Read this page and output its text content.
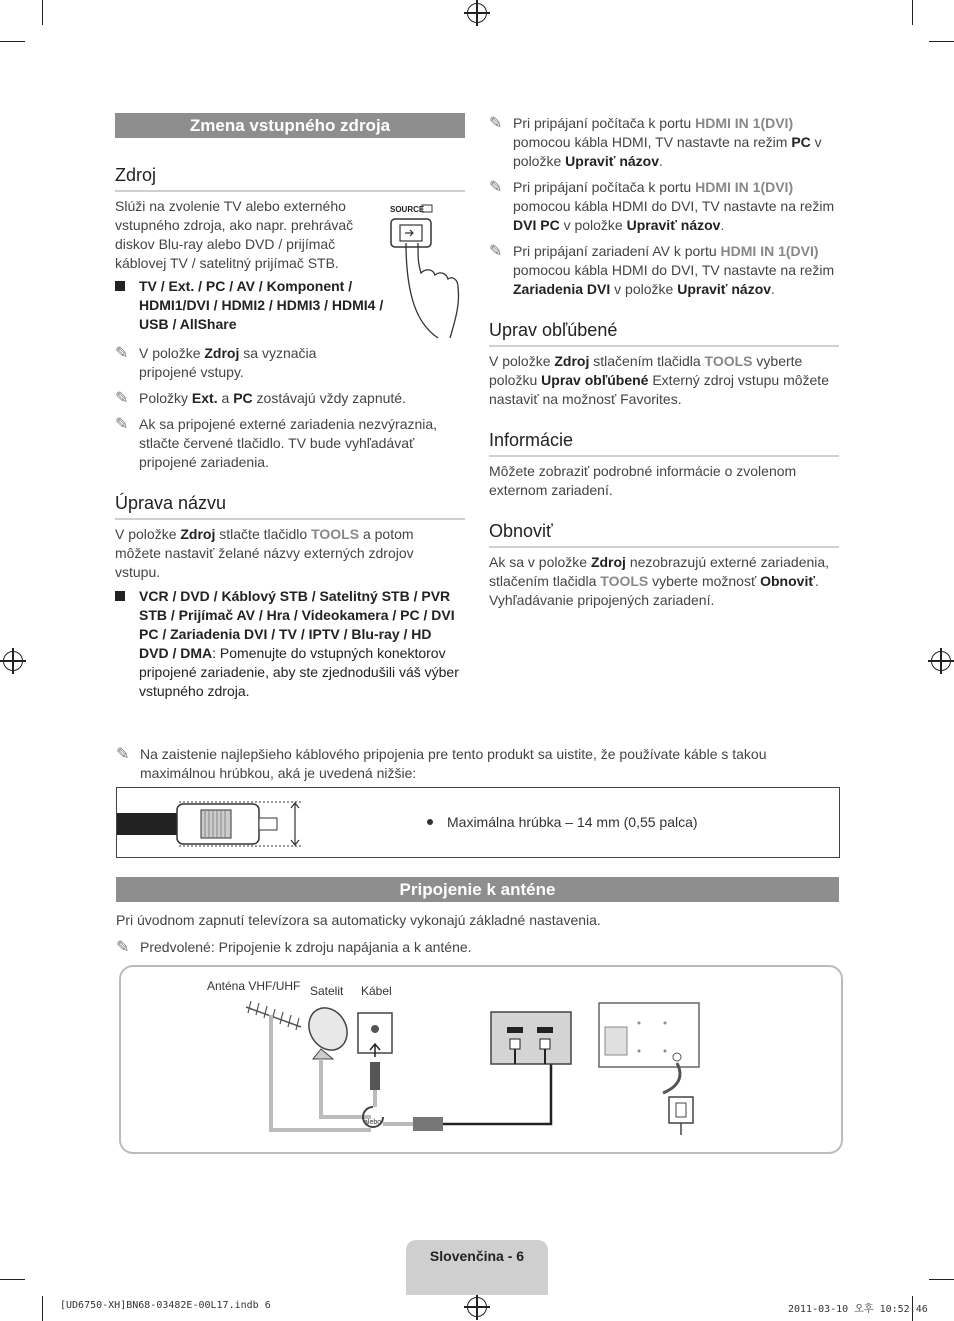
Zmena vstupného zdroja
Zdroj
Slúži na zvolenie TV alebo externého vstupného zdroja, ako napr. prehrávač diskov Blu-ray alebo DVD / prijímač káblovej TV / satelitný prijímač STB.
SOURCE
TV / Ext. / PC / AV / Komponent / HDMI1/DVI / HDMI2 / HDMI3 / HDMI4 / USB / AllShare
✎ V položke Zdroj sa vyznačia pripojené vstupy.
✎ Položky Ext. a PC zostávajú vždy zapnuté.
✎ Ak sa pripojené externé zariadenia nezvýraznia, stlačte červené tlačidlo. TV bude vyhľadávať pripojené zariadenia.
Úprava názvu
V položke Zdroj stlačte tlačidlo TOOLS a potom môžete nastaviť želané názvy externých zdrojov vstupu.
VCR / DVD / Káblový STB / Satelitný STB / PVR STB / Prijímač AV / Hra / Videokamera / PC / DVI PC / Zariadenia DVI / TV / IPTV / Blu-ray / HD DVD / DMA: Pomenujte do vstupných konektorov pripojené zariadenie, aby ste zjednodušili váš výber vstupného zdroja.
✎ Pri pripájaní počítača k portu HDMI IN 1(DVI) pomocou kábla HDMI, TV nastavte na režim PC v položke Upraviť názov.
✎ Pri pripájaní počítača k portu HDMI IN 1(DVI) pomocou kábla HDMI do DVI, TV nastavte na režim DVI PC v položke Upraviť názov.
✎ Pri pripájaní zariadení AV k portu HDMI IN 1(DVI) pomocou kábla HDMI do DVI, TV nastavte na režim Zariadenia DVI v položke Upraviť názov.
Uprav obľúbené
V položke Zdroj stlačením tlačidla TOOLS vyberte položku Uprav obľúbené Externý zdroj vstupu môžete nastaviť na možnosť Favorites.
Informácie
Môžete zobraziť podrobné informácie o zvolenom externom zariadení.
Obnoviť
Ak sa v položke Zdroj nezobrazujú externé zariadenia, stlačením tlačidla TOOLS vyberte možnosť Obnoviť. Vyhľadávanie pripojených zariadení.
✎ Na zaistenie najlepšieho káblového pripojenia pre tento produkt sa uistite, že používate káble s takou maximálnou hrúbkou, aká je uvedená nižšie:
Maximálna hrúbka – 14 mm (0,55 palca)
Pripojenie k anténe
Pri úvodnom zapnutí televízora sa automaticky vykonajú základné nastavenia.
✎ Predvolené: Pripojenie k zdroju napájania a k anténe.
Anténa VHF/UHF Satelit Kábel
alebo
Slovenčina - 6
[UD6750-XH]BN68-03482E-00L17.indb 6	2011-03-10 오후 10:52:46
